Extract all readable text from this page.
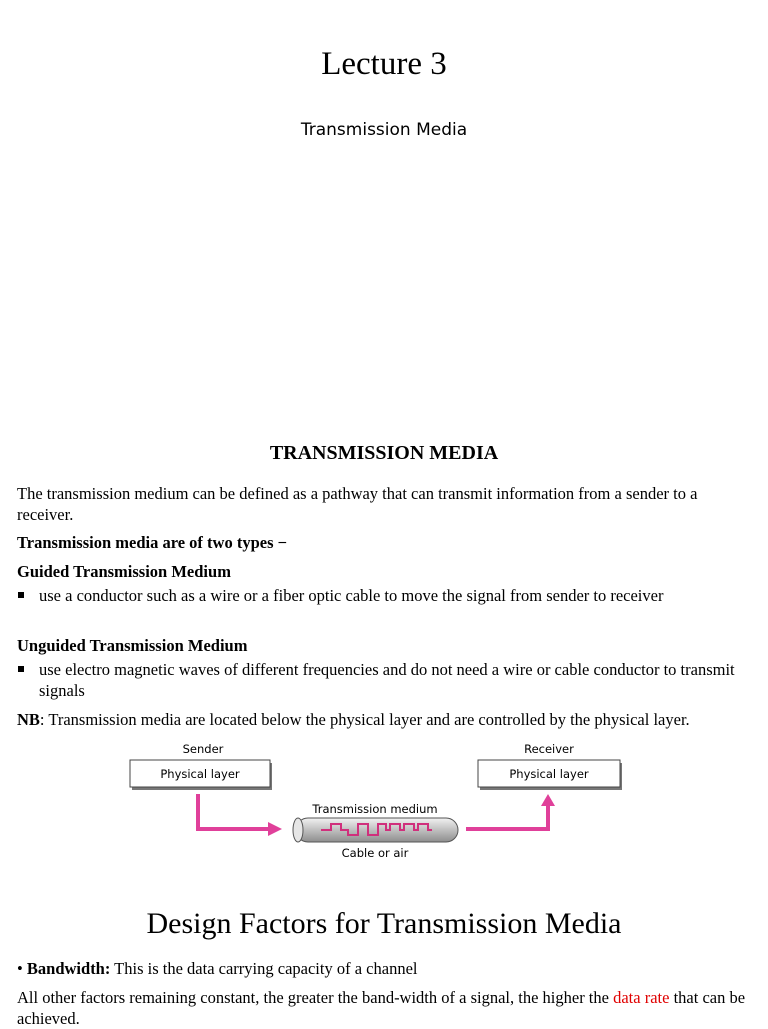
Lecture 3
Transmission Media
TRANSMISSION MEDIA
The transmission medium can be defined as a pathway that can transmit information from a sender to a receiver.
Transmission media are of two types −
Guided Transmission Medium
use a conductor such as a wire or a fiber optic cable to move the signal from sender to receiver
Unguided Transmission Medium
use electro magnetic waves of different frequencies and do not need a wire or cable conductor to transmit signals
NB: Transmission media are located below the physical layer and are controlled by the physical layer.
Sender
Physical layer
Receiver
Physical layer
Transmission medium
Cable or air
Design Factors for Transmission Media
• Bandwidth: This is the data carrying capacity of a channel
All other factors remaining constant, the greater the band-width of a signal, the higher the data rate that can be achieved.
